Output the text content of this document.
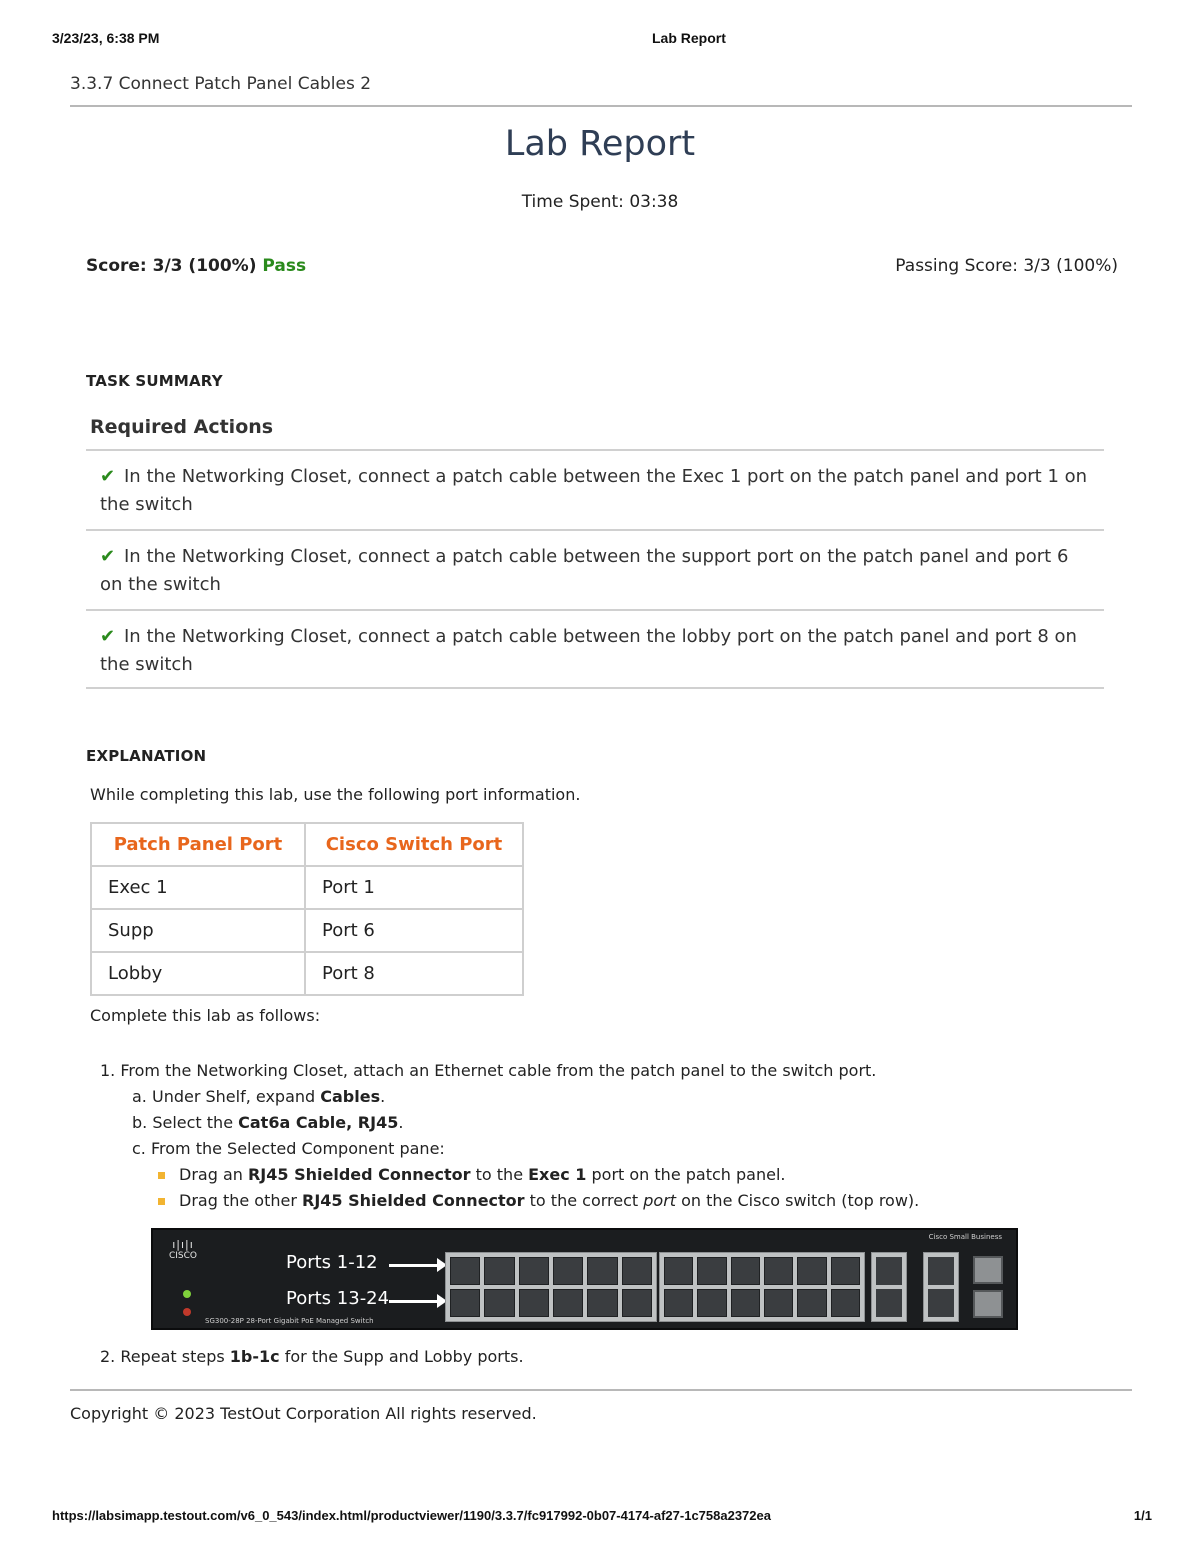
3/23/23, 6:38 PM	Lab Report
3.3.7 Connect Patch Panel Cables 2
Lab Report
Time Spent: 03:38
Score: 3/3 (100%) Pass	Passing Score: 3/3 (100%)
TASK SUMMARY
Required Actions
✔ In the Networking Closet, connect a patch cable between the Exec 1 port on the patch panel and port 1 on the switch
✔ In the Networking Closet, connect a patch cable between the support port on the patch panel and port 6 on the switch
✔ In the Networking Closet, connect a patch cable between the lobby port on the patch panel and port 8 on the switch
EXPLANATION
While completing this lab, use the following port information.
Patch Panel Port	Cisco Switch Port
Exec 1	Port 1
Supp	Port 6
Lobby	Port 8
Complete this lab as follows:
1. From the Networking Closet, attach an Ethernet cable from the patch panel to the switch port.
a. Under Shelf, expand Cables.
b. Select the Cat6a Cable, RJ45.
c. From the Selected Component pane:
Drag an RJ45 Shielded Connector to the Exec 1 port on the patch panel.
Drag the other RJ45 Shielded Connector to the correct port on the Cisco switch (top row).
ı|ı|ı
CISCO
SG300-28P 28-Port Gigabit PoE Managed Switch
Cisco Small Business
Ports 1-12
Ports 13-24
2. Repeat steps 1b-1c for the Supp and Lobby ports.
Copyright © 2023 TestOut Corporation All rights reserved.
https://labsimapp.testout.com/v6_0_543/index.html/productviewer/1190/3.3.7/fc917992-0b07-4174-af27-1c758a2372ea	1/1
